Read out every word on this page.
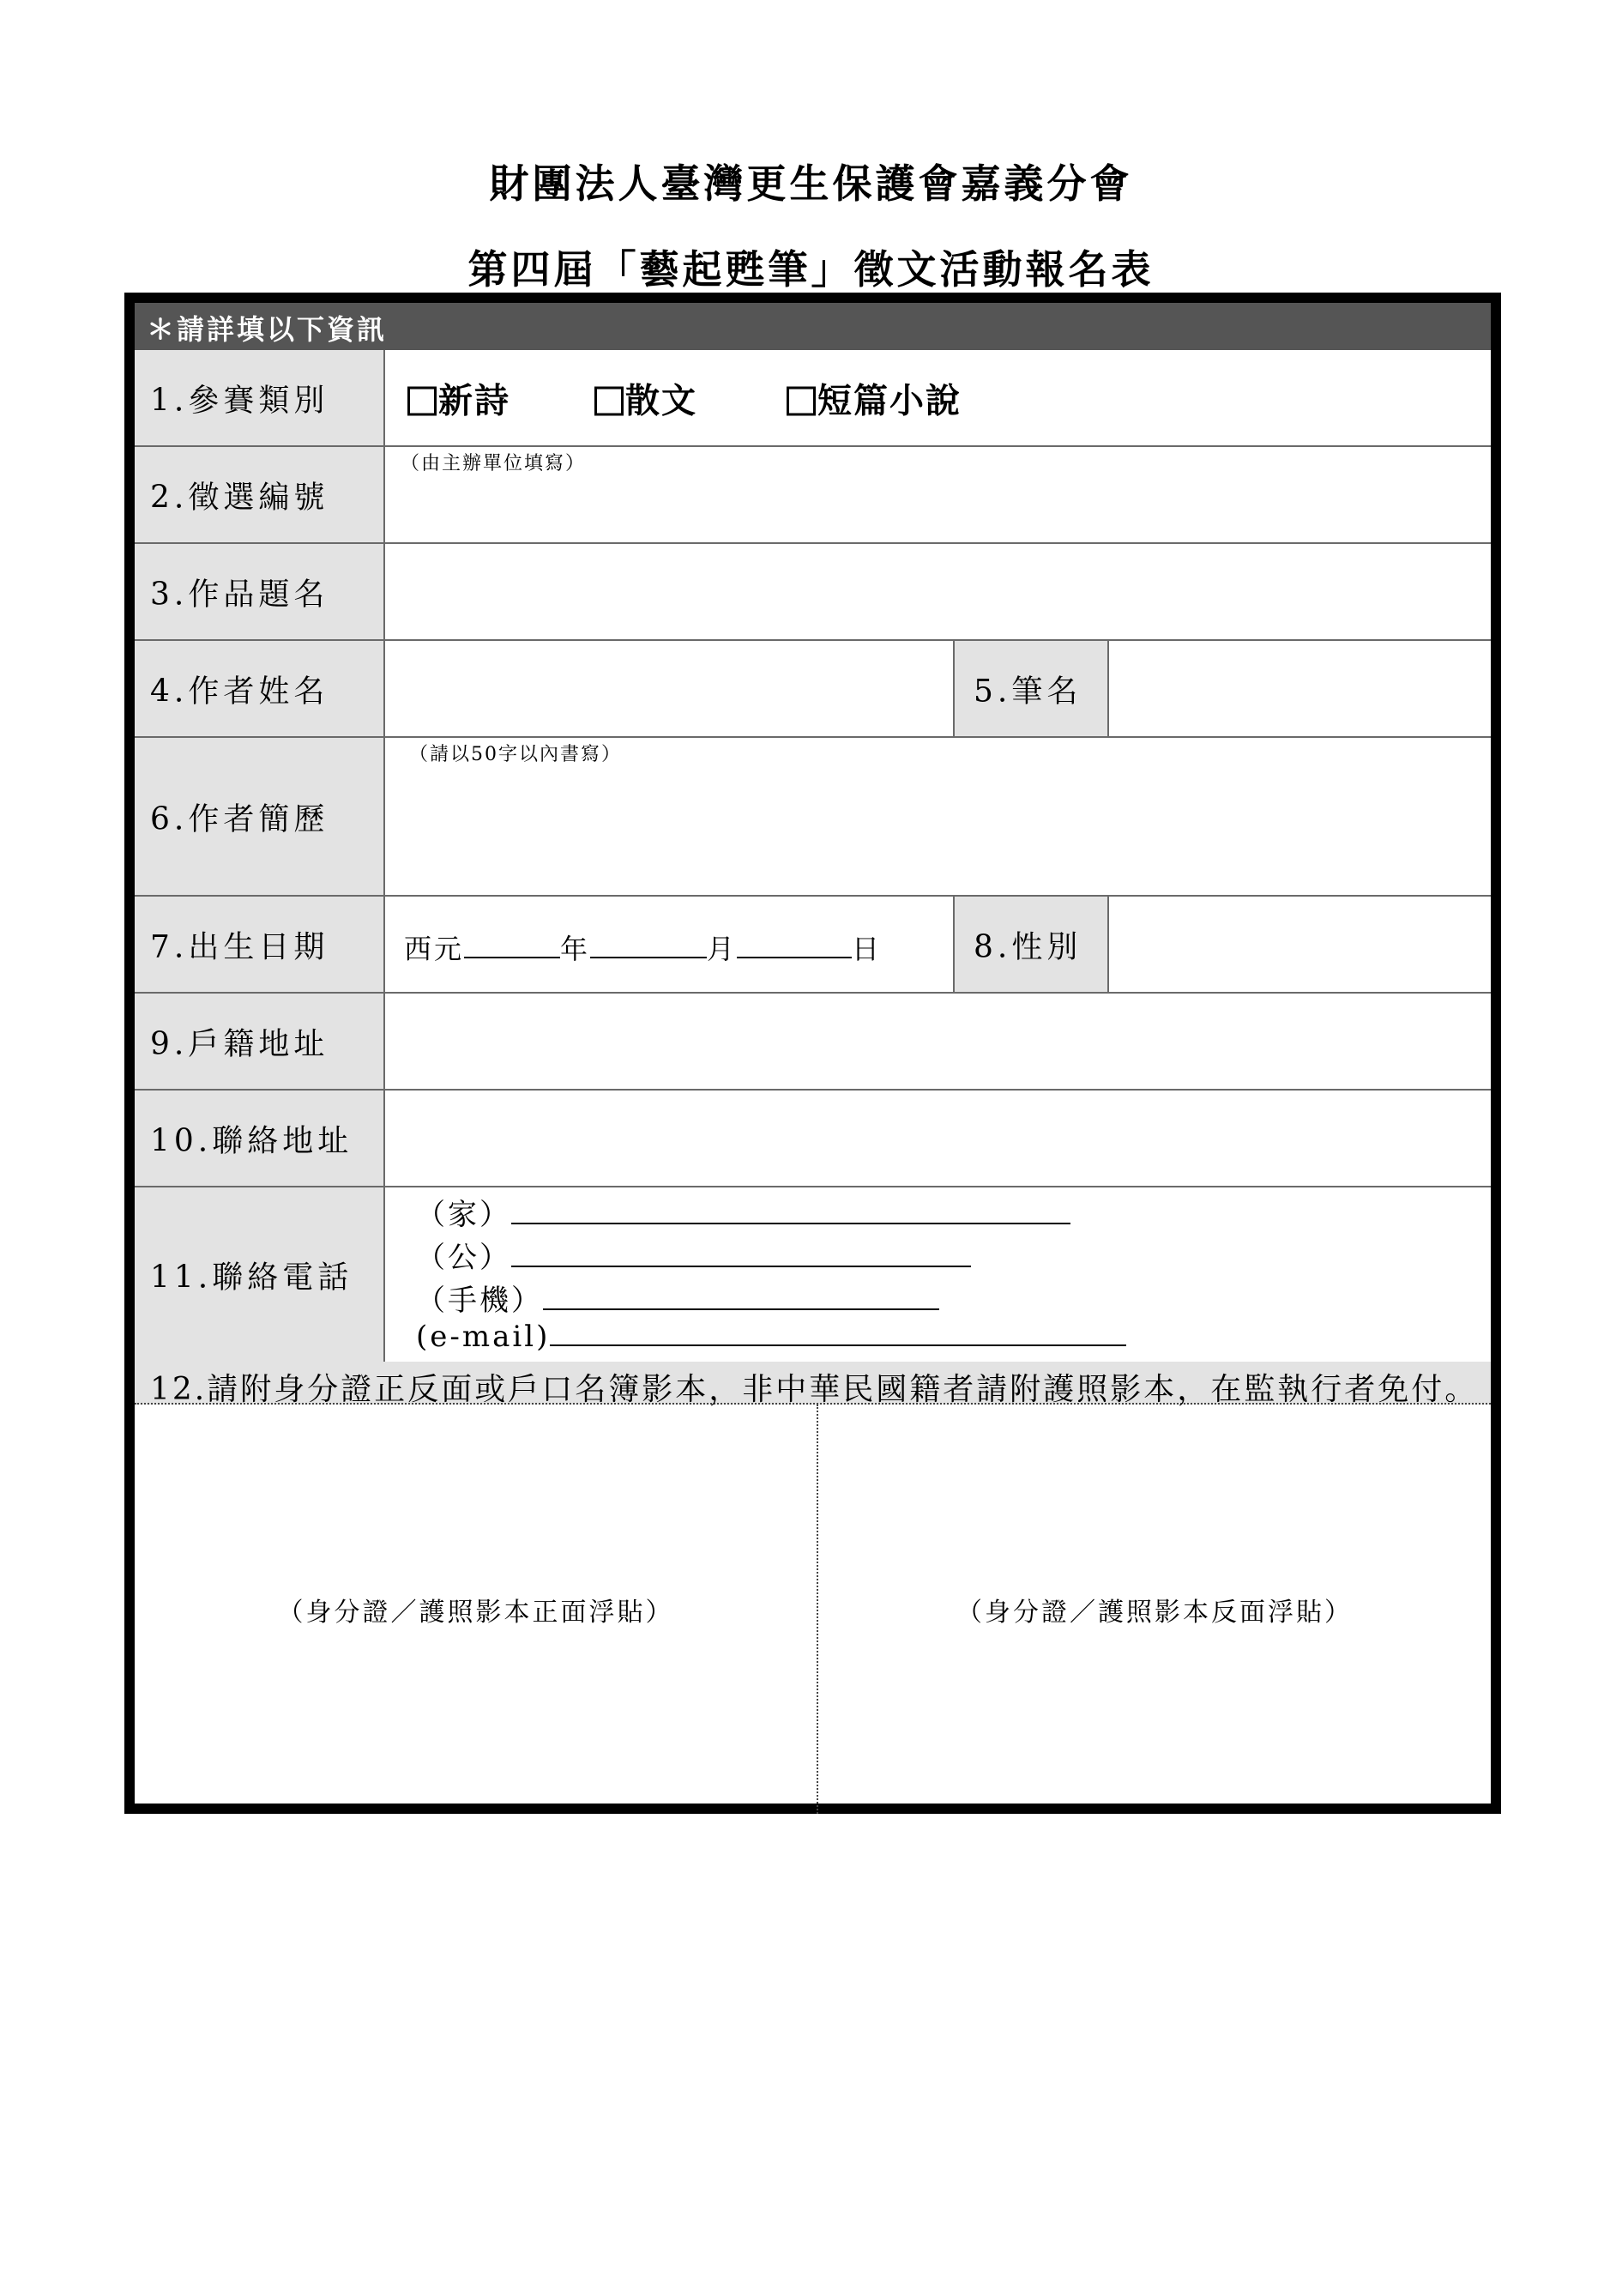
財團法人臺灣更生保護會嘉義分會
第四屆「藝起甦筆」徵文活動報名表
＊請詳填以下資訊
1.參賽類別	新詩	散文	短篇小說
2.徵選編號
（由主辦單位填寫）
3.作品題名
4.作者姓名	5.筆名
6.作者簡歷
（請以50字以內書寫）
7.出生日期	西元	年	月	日	8.性別
9.戶籍地址
10.聯絡地址
11.聯絡電話
（家）
（公）
（手機）
(e-mail)
12.請附身分證正反面或戶口名簿影本，非中華民國籍者請附護照影本，在監執行者免付。
（身分證／護照影本正面浮貼）	（身分證／護照影本反面浮貼）
